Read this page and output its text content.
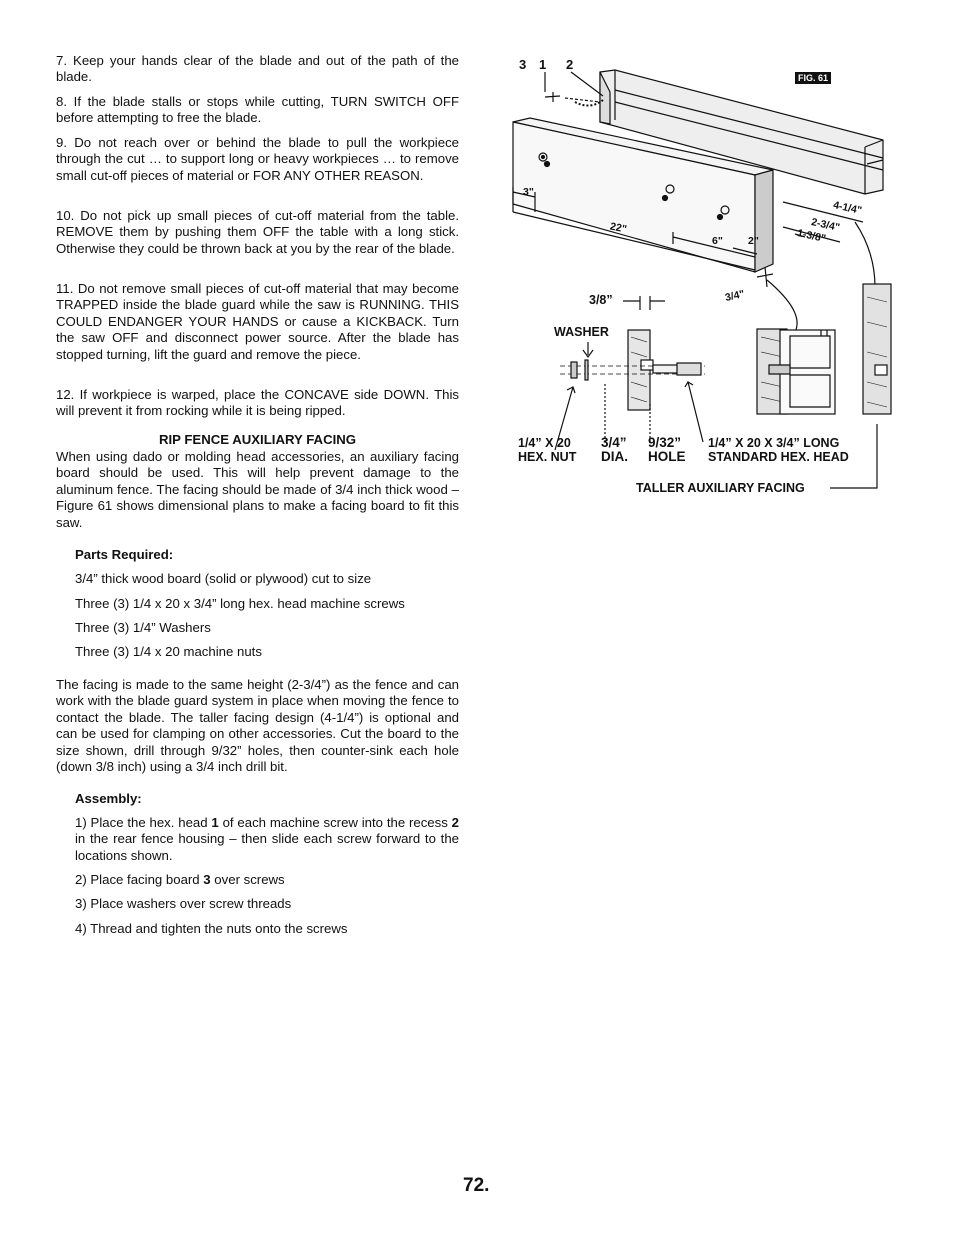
7. Keep your hands clear of the blade and out of the path of the blade.

8. If the blade stalls or stops while cutting, TURN SWITCH OFF before attempting to free the blade.

9. Do not reach over or behind the blade to pull the workpiece through the cut … to support long or heavy workpieces … to remove small cut-off pieces of material or FOR ANY OTHER REASON.

10. Do not pick up small pieces of cut-off material from the table. REMOVE them by pushing them OFF the table with a long stick. Otherwise they could be thrown back at you by the rear of the blade.

11. Do not remove small pieces of cut-off material that may become TRAPPED inside the blade guard while the saw is RUNNING. THIS COULD ENDANGER YOUR HANDS or cause a KICKBACK. Turn the saw OFF and disconnect power source. After the blade has stopped turning, lift the guard and remove the piece.

12. If workpiece is warped, place the CONCAVE side DOWN. This will prevent it from rocking while it is being ripped.

RIP FENCE AUXILIARY FACING

When using dado or molding head accessories, an auxiliary facing board should be used. This will help prevent damage to the aluminum fence. The facing should be made of 3/4 inch thick wood – Figure 61 shows dimensional plans to make a facing board to fit this saw.

Parts Required:

3/4” thick wood board (solid or plywood) cut to size

Three (3) 1/4 x 20 x 3/4” long hex. head machine screws

Three (3) 1/4” Washers

Three (3) 1/4 x 20 machine nuts

The facing is made to the same height (2-3/4”) as the fence and can work with the blade guard system in place when moving the fence to contact the blade. The taller facing design (4-1/4”) is optional and can be used for clamping on other accessories. Cut the board to the size shown, drill through 9/32” holes, then counter-sink each hole (down 3/8 inch) using a 3/4 inch drill bit.

Assembly:

1) Place the hex. head 1 of each machine screw into the recess 2 in the rear fence housing – then slide each screw forward to the locations shown.

2) Place facing board 3 over screws

3) Place washers over screw threads

4) Thread and tighten the nuts onto the screws

FIG. 61
3 1 2
3"
22"
6" 2"
3/4"
4-1/4"
2-3/4"
1-3/8"
3/8”
WASHER
1/4” X 20
HEX. NUT
3/4”
DIA.
9/32”
HOLE
1/4” X 20 X 3/4” LONG
STANDARD HEX. HEAD
TALLER AUXILIARY FACING
72.
